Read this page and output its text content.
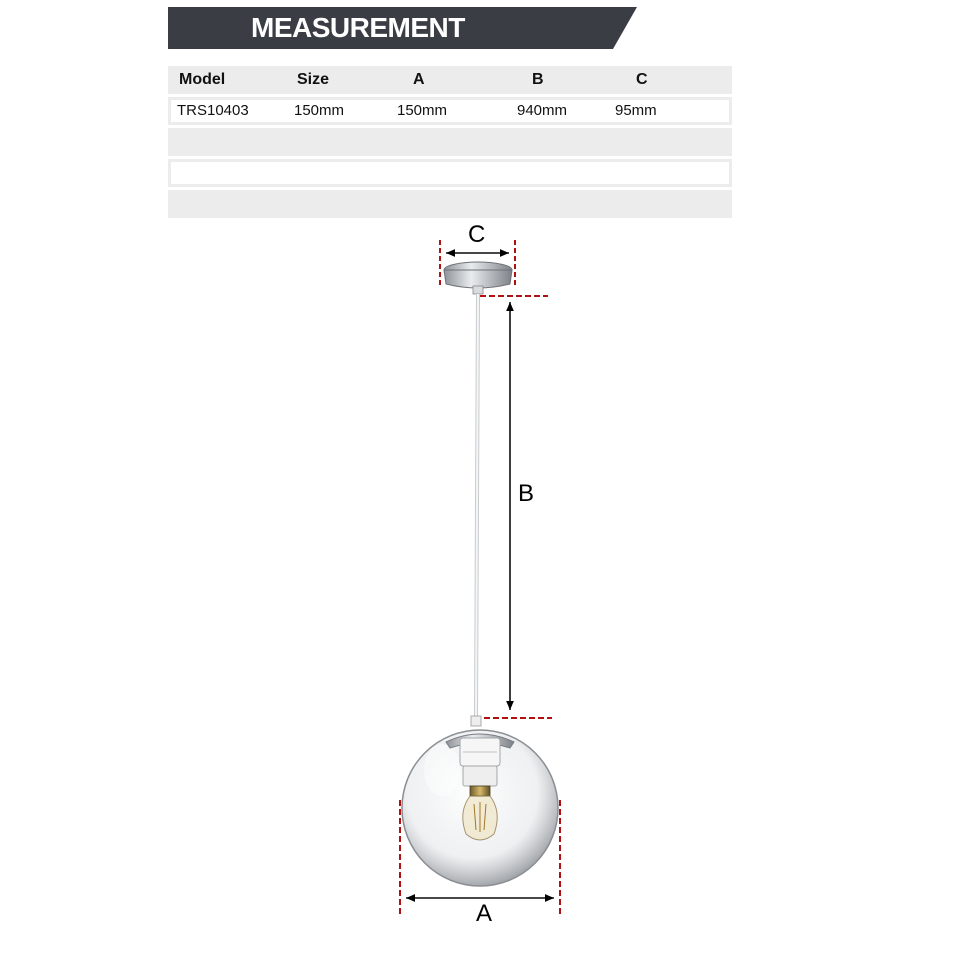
MEASUREMENT
Model	Size	A	B	C
TRS10403	150mm	150mm	940mm	95mm
C
B
A
